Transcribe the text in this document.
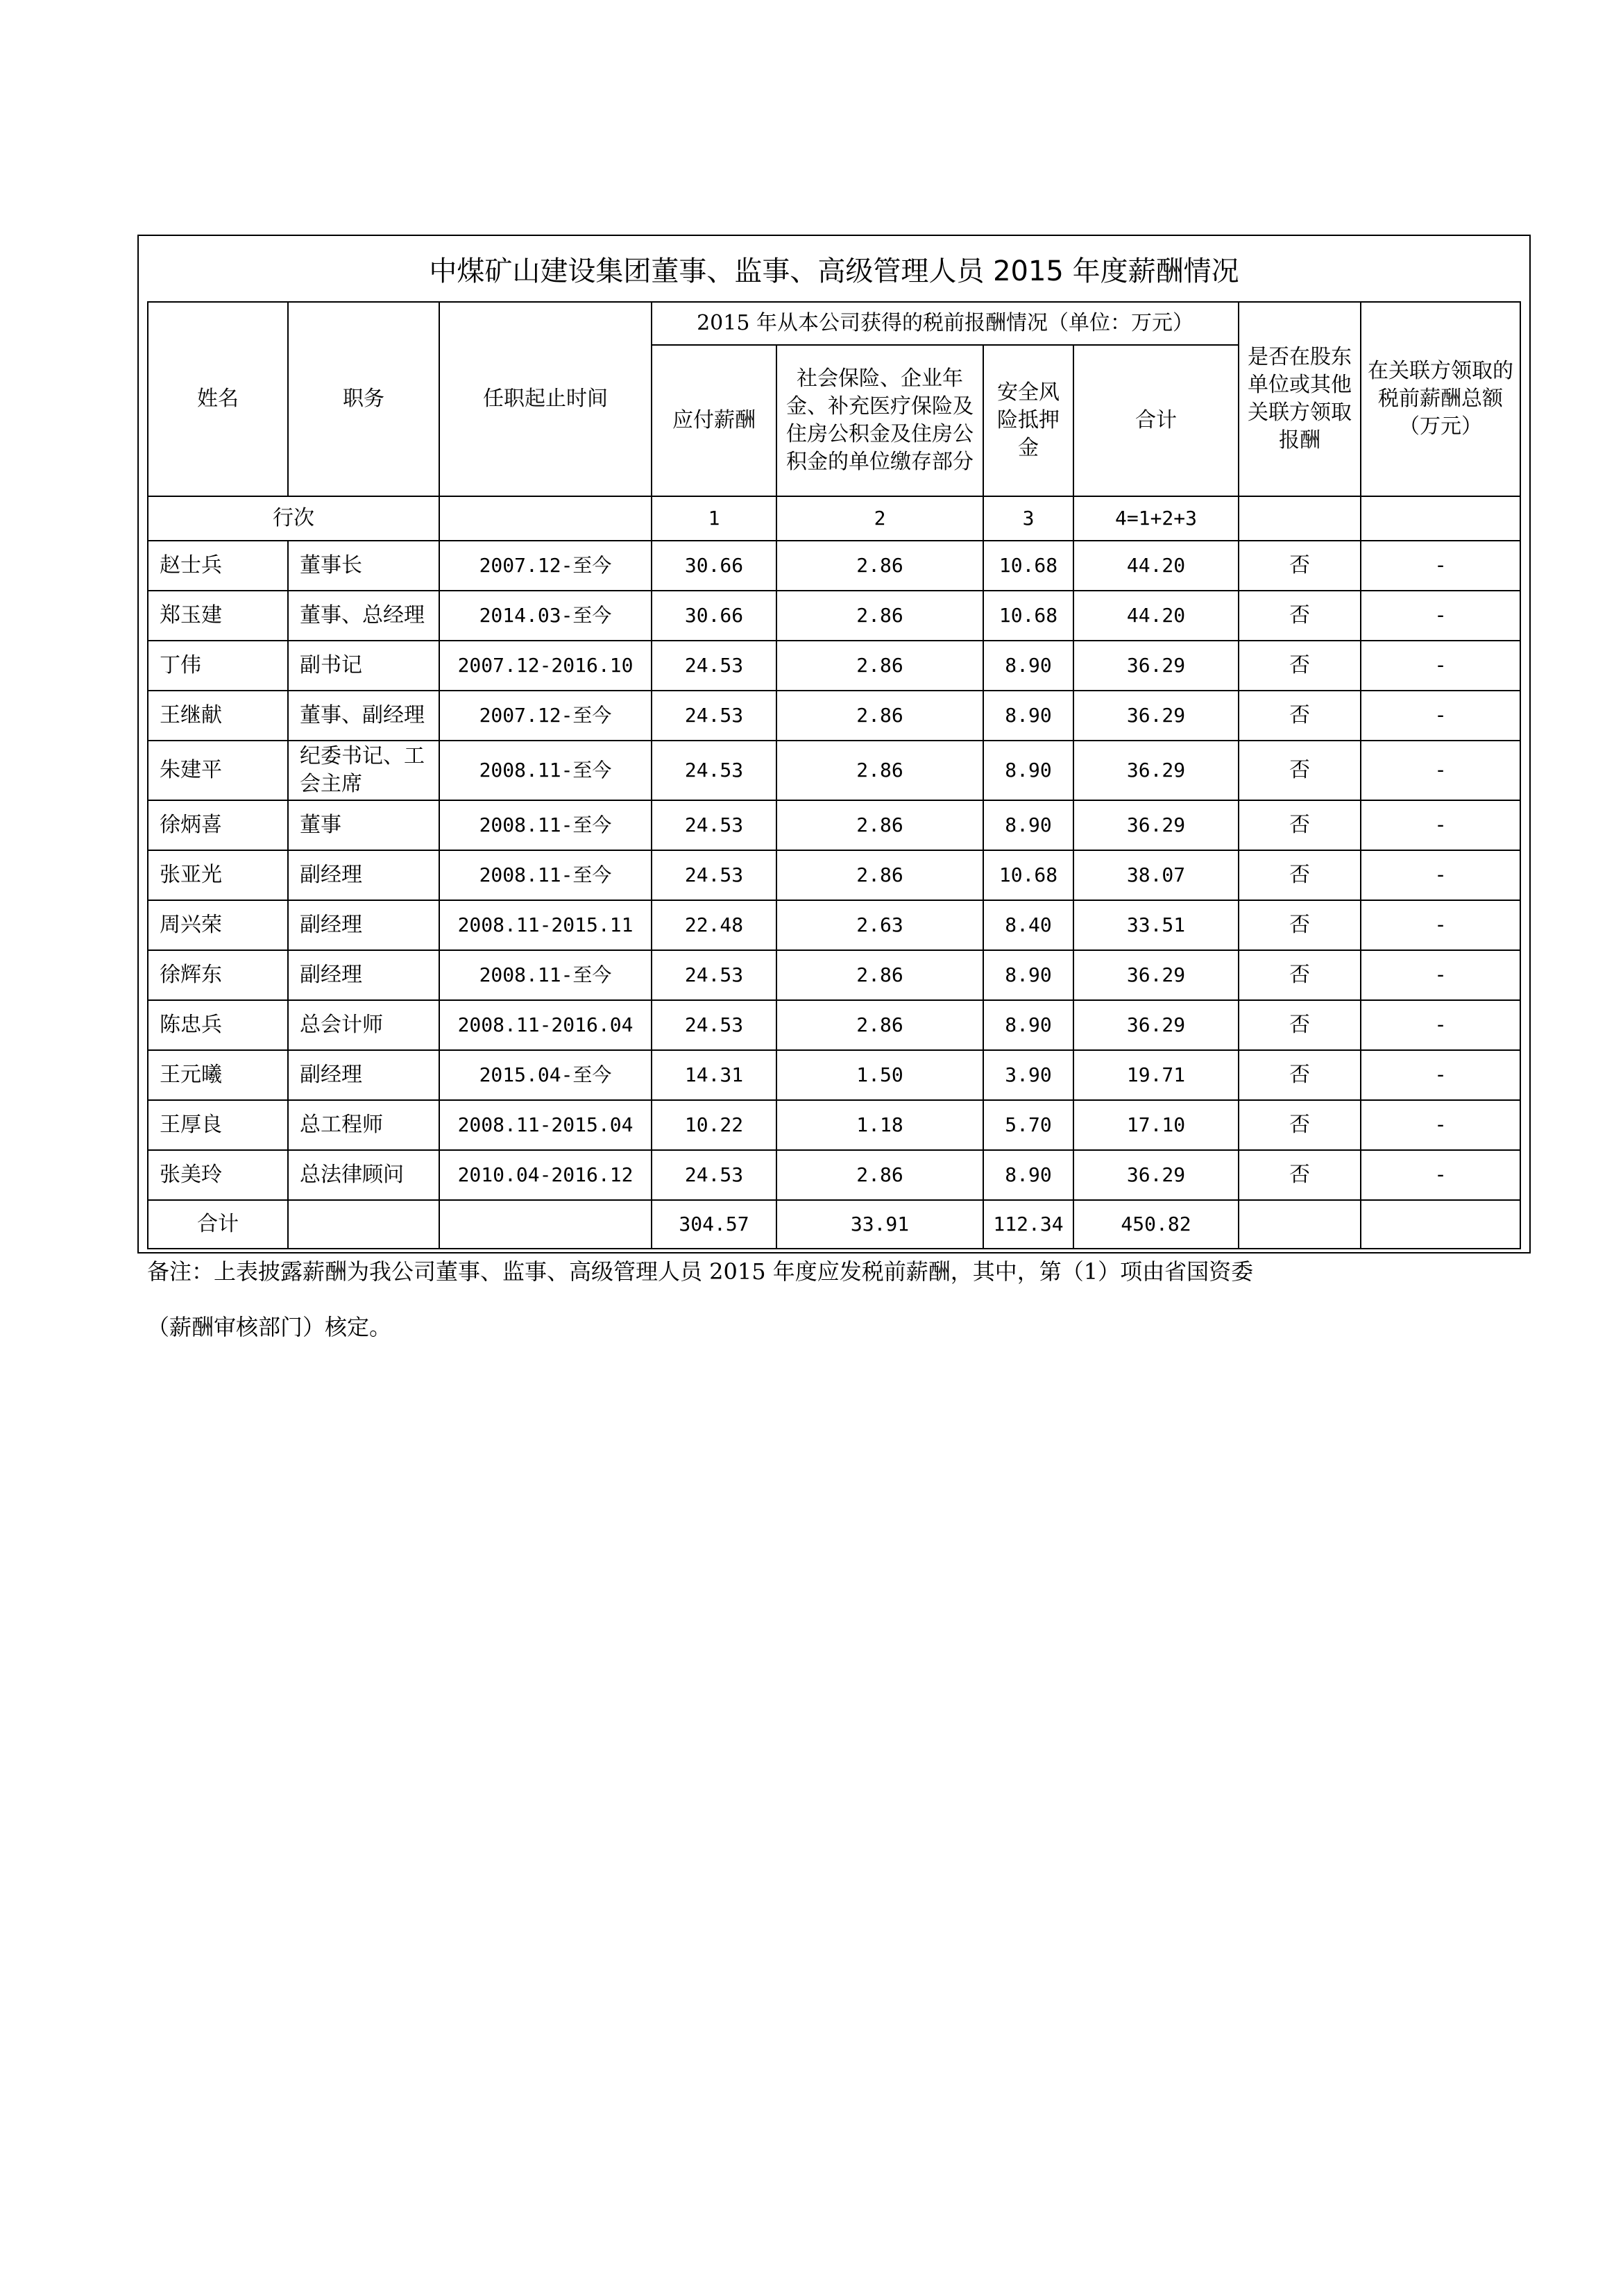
中煤矿山建设集团董事、监事、高级管理人员 2015 年度薪酬情况
姓名	职务	任职起止时间	2015 年从本公司获得的税前报酬情况（单位：万元）				是否在股东单位或其他关联方领取报酬	在关联方领取的税前薪酬总额（万元）
			应付薪酬	社会保险、企业年金、补充医疗保险及住房公积金及住房公积金的单位缴存部分	安全风险抵押金	合计		
行次			1	2	3	4=1+2+3		
赵士兵	董事长	2007.12-至今	30.66	2.86	10.68	44.20	否	-
郑玉建	董事、总经理	2014.03-至今	30.66	2.86	10.68	44.20	否	-
丁伟	副书记	2007.12-2016.10	24.53	2.86	8.90	36.29	否	-
王继献	董事、副经理	2007.12-至今	24.53	2.86	8.90	36.29	否	-
朱建平	纪委书记、工会主席	2008.11-至今	24.53	2.86	8.90	36.29	否	-
徐炳喜	董事	2008.11-至今	24.53	2.86	8.90	36.29	否	-
张亚光	副经理	2008.11-至今	24.53	2.86	10.68	38.07	否	-
周兴荣	副经理	2008.11-2015.11	22.48	2.63	8.40	33.51	否	-
徐辉东	副经理	2008.11-至今	24.53	2.86	8.90	36.29	否	-
陈忠兵	总会计师	2008.11-2016.04	24.53	2.86	8.90	36.29	否	-
王元曦	副经理	2015.04-至今	14.31	1.50	3.90	19.71	否	-
王厚良	总工程师	2008.11-2015.04	10.22	1.18	5.70	17.10	否	-
张美玲	总法律顾问	2010.04-2016.12	24.53	2.86	8.90	36.29	否	-
合计			304.57	33.91	112.34	450.82		
备注：上表披露薪酬为我公司董事、监事、高级管理人员 2015 年度应发税前薪酬，其中，第（1）项由省国资委
（薪酬审核部门）核定。
